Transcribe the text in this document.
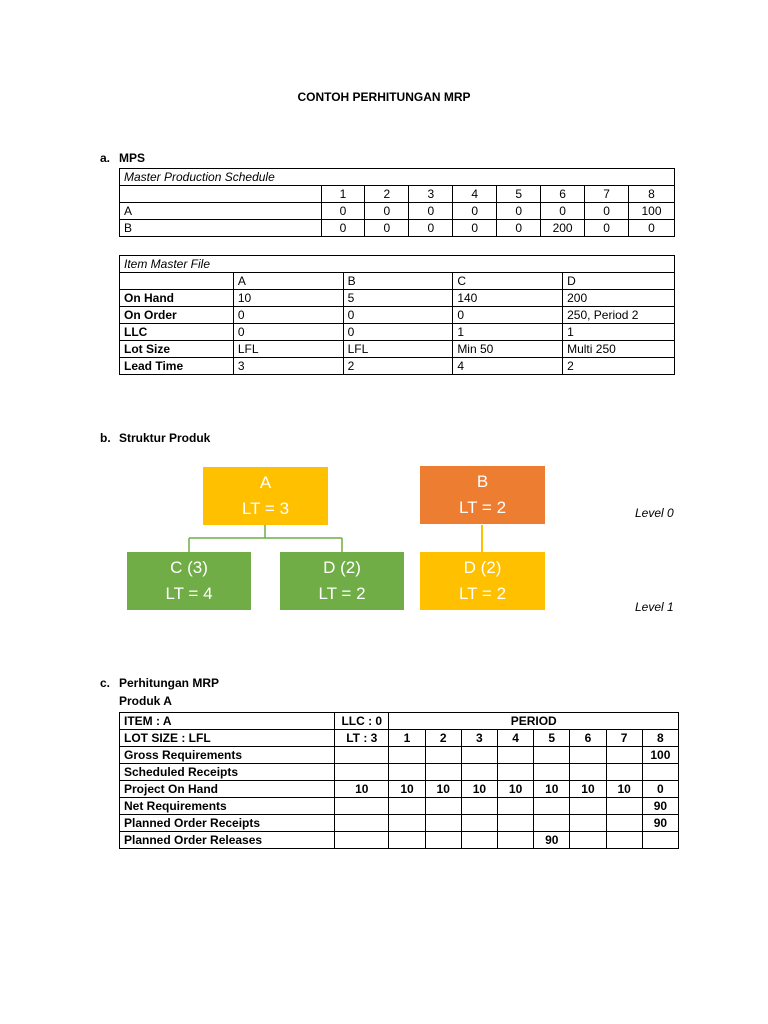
CONTOH PERHITUNGAN MRP
a. MPS
Master Production Schedule								
	1	2	3	4	5	6	7	8
A	0	0	0	0	0	0	0	100
B	0	0	0	0	0	200	0	0
Item Master File				
	A	B	C	D
On Hand	10	5	140	200
On Order	0	0	0	250, Period 2
LLC	0	0	1	1
Lot Size	LFL	LFL	Min 50	Multi 250
Lead Time	3	2	4	2
b. Struktur Produk
A
LT = 3
B
LT = 2
C (3)
LT = 4
D (2)
LT = 2
D (2)
LT = 2
Level 0
Level 1
c. Perhitungan MRP
Produk A
ITEM : A	LLC : 0	PERIOD							
LOT SIZE : LFL	LT : 3	1	2	3	4	5	6	7	8
Gross Requirements									100
Scheduled Receipts									
Project On Hand	10	10	10	10	10	10	10	10	0
Net Requirements									90
Planned Order Receipts									90
Planned Order Releases						90			
